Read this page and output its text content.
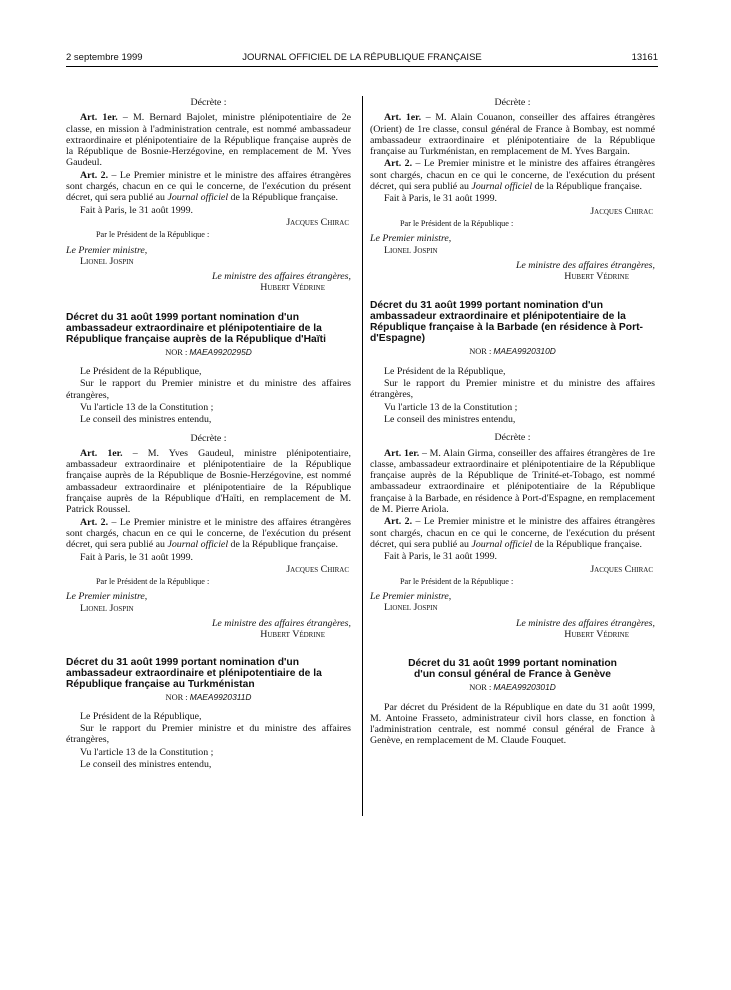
2 septembre 1999	JOURNAL OFFICIEL DE LA RÉPUBLIQUE FRANÇAISE	13161

Décrète :

Art. 1er. – M. Bernard Bajolet, ministre plénipotentiaire de 2e classe, en mission à l'administration centrale, est nommé ambassadeur extraordinaire et plénipotentiaire de la République française auprès de la République de Bosnie-Herzégovine, en remplacement de M. Yves Gaudeul.

Art. 2. – Le Premier ministre et le ministre des affaires étrangères sont chargés, chacun en ce qui le concerne, de l'exécution du présent décret, qui sera publié au Journal officiel de la République française.

Fait à Paris, le 31 août 1999.

Jacques Chirac

Par le Président de la République :

Le Premier ministre,

Lionel Jospin

Le ministre des affaires étrangères,

Hubert Védrine

Décret du 31 août 1999 portant nomination d'un ambassadeur extraordinaire et plénipotentiaire de la République française auprès de la République d'Haïti

NOR : MAEA9920295D

Le Président de la République,

Sur le rapport du Premier ministre et du ministre des affaires étrangères,

Vu l'article 13 de la Constitution ;

Le conseil des ministres entendu,

Décrète :

Art. 1er. – M. Yves Gaudeul, ministre plénipotentiaire, ambassadeur extraordinaire et plénipotentiaire de la République française auprès de la République de Bosnie-Herzégovine, est nommé ambassadeur extraordinaire et plénipotentiaire de la République française auprès de la République d'Haïti, en remplacement de M. Patrick Roussel.

Art. 2. – Le Premier ministre et le ministre des affaires étrangères sont chargés, chacun en ce qui le concerne, de l'exécution du présent décret, qui sera publié au Journal officiel de la République française.

Fait à Paris, le 31 août 1999.

Jacques Chirac

Par le Président de la République :

Le Premier ministre,

Lionel Jospin

Le ministre des affaires étrangères,

Hubert Védrine

Décret du 31 août 1999 portant nomination d'un ambassadeur extraordinaire et plénipotentiaire de la République française au Turkménistan

NOR : MAEA9920311D

Le Président de la République,

Sur le rapport du Premier ministre et du ministre des affaires étrangères,

Vu l'article 13 de la Constitution ;

Le conseil des ministres entendu,

Décrète :

Art. 1er. – M. Alain Couanon, conseiller des affaires étrangères (Orient) de 1re classe, consul général de France à Bombay, est nommé ambassadeur extraordinaire et plénipotentiaire de la République française au Turkménistan, en remplacement de M. Yves Bargain.

Art. 2. – Le Premier ministre et le ministre des affaires étrangères sont chargés, chacun en ce qui le concerne, de l'exécution du présent décret, qui sera publié au Journal officiel de la République française.

Fait à Paris, le 31 août 1999.

Jacques Chirac

Par le Président de la République :

Le Premier ministre,

Lionel Jospin

Le ministre des affaires étrangères,

Hubert Védrine

Décret du 31 août 1999 portant nomination d'un ambassadeur extraordinaire et plénipotentiaire de la République française à la Barbade (en résidence à Port-d'Espagne)

NOR : MAEA9920310D

Le Président de la République,

Sur le rapport du Premier ministre et du ministre des affaires étrangères,

Vu l'article 13 de la Constitution ;

Le conseil des ministres entendu,

Décrète :

Art. 1er. – M. Alain Girma, conseiller des affaires étrangères de 1re classe, ambassadeur extraordinaire et plénipotentiaire de la République française auprès de la République de Trinité-et-Tobago, est nommé ambassadeur extraordinaire et plénipotentiaire de la République française à la Barbade, en résidence à Port-d'Espagne, en remplacement de M. Pierre Ariola.

Art. 2. – Le Premier ministre et le ministre des affaires étrangères sont chargés, chacun en ce qui le concerne, de l'exécution du présent décret, qui sera publié au Journal officiel de la République française.

Fait à Paris, le 31 août 1999.

Jacques Chirac

Par le Président de la République :

Le Premier ministre,

Lionel Jospin

Le ministre des affaires étrangères,

Hubert Védrine

Décret du 31 août 1999 portant nomination

d'un consul général de France à Genève

NOR : MAEA9920301D

Par décret du Président de la République en date du 31 août 1999, M. Antoine Frasseto, administrateur civil hors classe, en fonction à l'administration centrale, est nommé consul général de France à Genève, en remplacement de M. Claude Fouquet.
